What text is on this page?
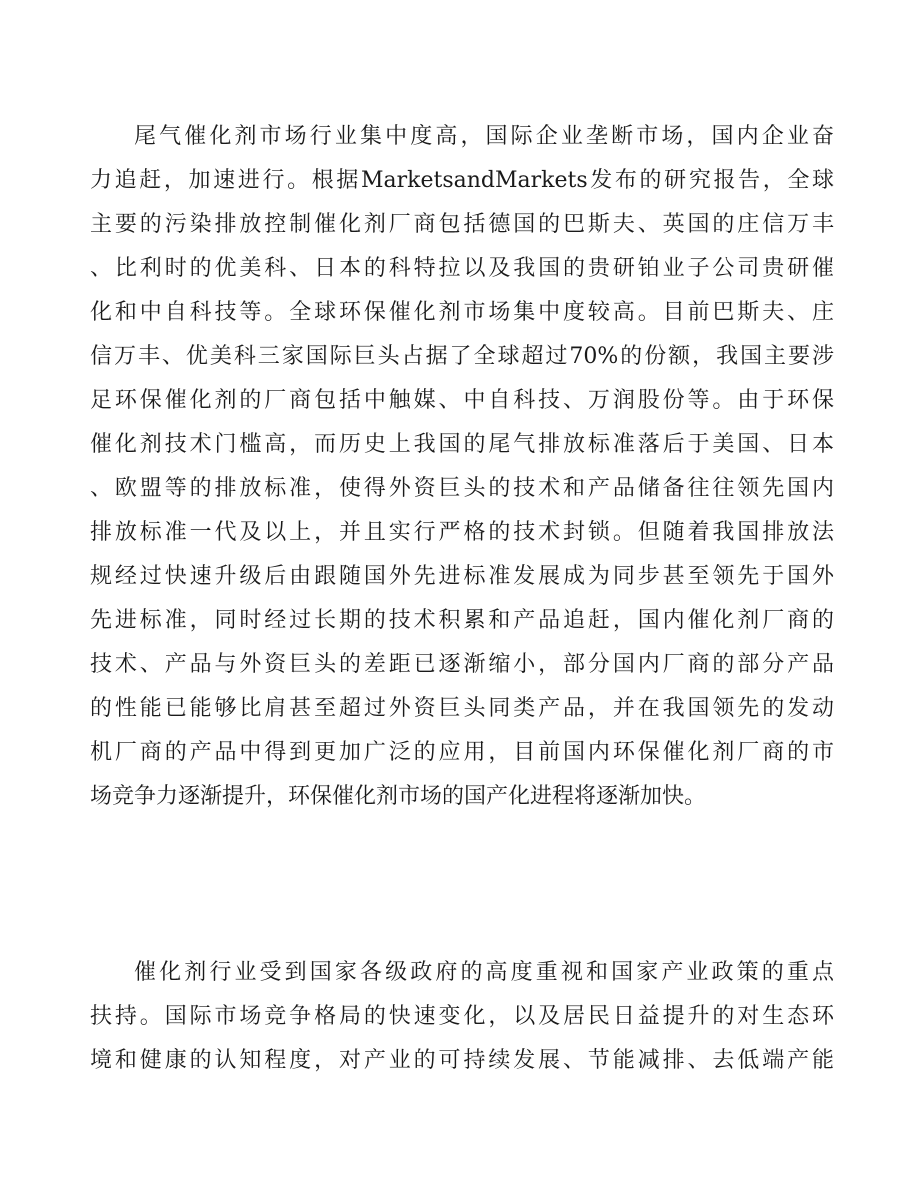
尾气催化剂市场行业集中度高，国际企业垄断市场，国内企业奋
力追赶，加速进行。根据MarketsandMarkets发布的研究报告，全球
主要的污染排放控制催化剂厂商包括德国的巴斯夫、英国的庄信万丰
、比利时的优美科、日本的科特拉以及我国的贵研铂业子公司贵研催
化和中自科技等。全球环保催化剂市场集中度较高。目前巴斯夫、庄
信万丰、优美科三家国际巨头占据了全球超过70%的份额，我国主要涉
足环保催化剂的厂商包括中触媒、中自科技、万润股份等。由于环保
催化剂技术门槛高，而历史上我国的尾气排放标准落后于美国、日本
、欧盟等的排放标准，使得外资巨头的技术和产品储备往往领先国内
排放标准一代及以上，并且实行严格的技术封锁。但随着我国排放法
规经过快速升级后由跟随国外先进标准发展成为同步甚至领先于国外
先进标准，同时经过长期的技术积累和产品追赶，国内催化剂厂商的
技术、产品与外资巨头的差距已逐渐缩小，部分国内厂商的部分产品
的性能已能够比肩甚至超过外资巨头同类产品，并在我国领先的发动
机厂商的产品中得到更加广泛的应用，目前国内环保催化剂厂商的市
场竞争力逐渐提升，环保催化剂市场的国产化进程将逐渐加快。
催化剂行业受到国家各级政府的高度重视和国家产业政策的重点
扶持。国际市场竞争格局的快速变化，以及居民日益提升的对生态环
境和健康的认知程度，对产业的可持续发展、节能减排、去低端产能
